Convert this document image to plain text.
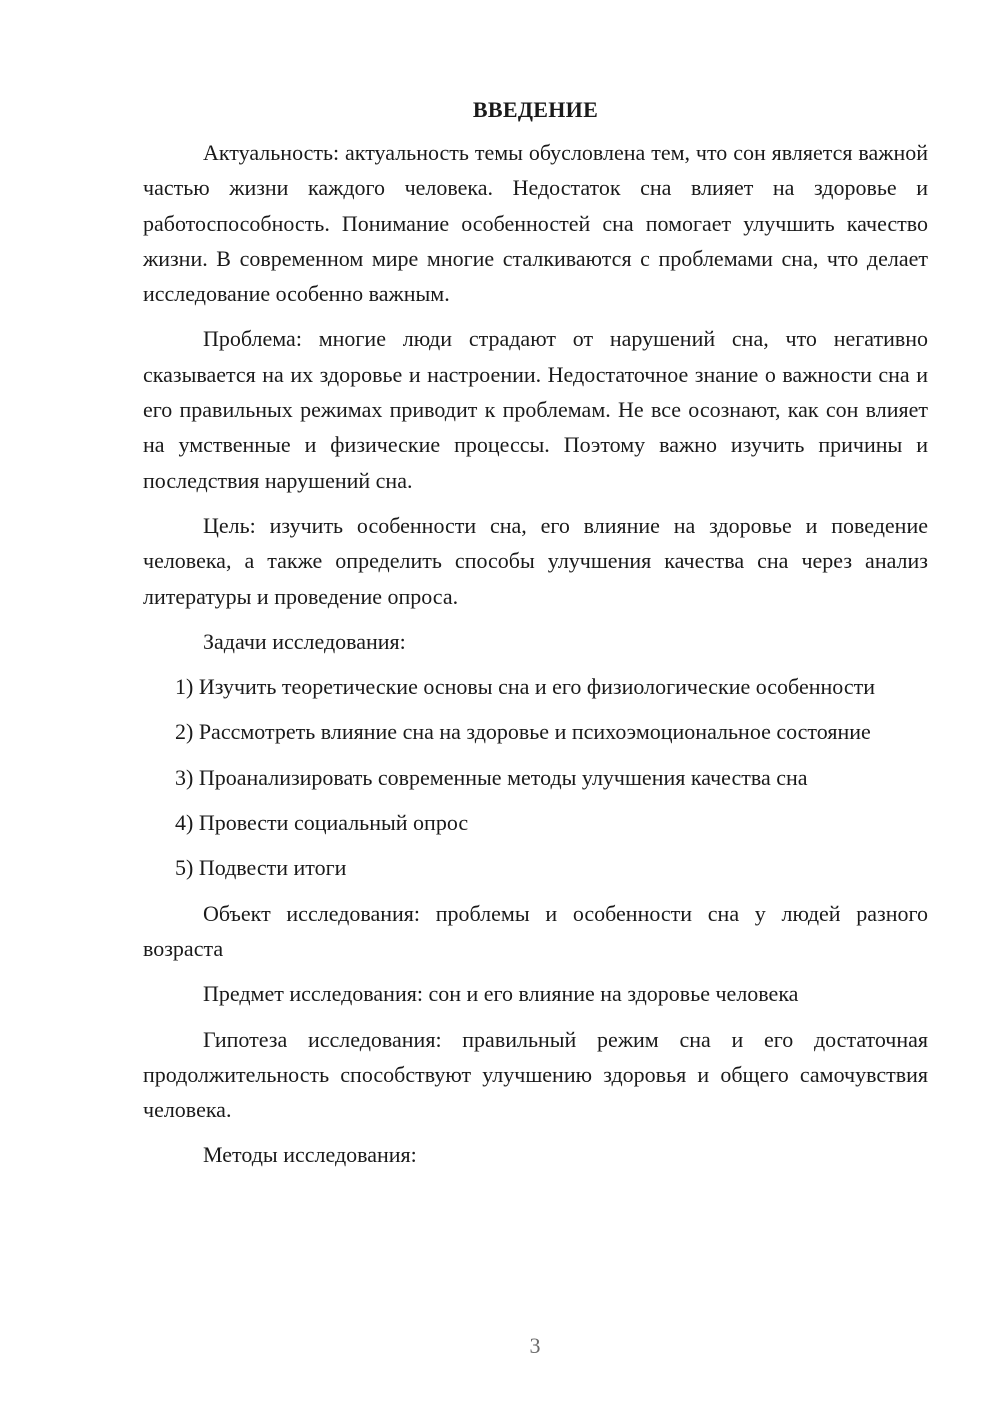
ВВЕДЕНИЕ

Актуальность: актуальность темы обусловлена тем, что сон является важной частью жизни каждого человека. Недостаток сна влияет на здоровье и работоспособность. Понимание особенностей сна помогает улучшить качество жизни. В современном мире многие сталкиваются с проблемами сна, что делает исследование особенно важным.

Проблема: многие люди страдают от нарушений сна, что негативно сказывается на их здоровье и настроении. Недостаточное знание о важности сна и его правильных режимах приводит к проблемам. Не все осознают, как сон влияет на умственные и физические процессы. Поэтому важно изучить причины и последствия нарушений сна.

Цель: изучить особенности сна, его влияние на здоровье и поведение человека, а также определить способы улучшения качества сна через анализ литературы и проведение опроса.

Задачи исследования:

1) Изучить теоретические основы сна и его физиологические особенности

2) Рассмотреть влияние сна на здоровье и психоэмоциональное состояние

3) Проанализировать современные методы улучшения качества сна

4) Провести социальный опрос

5) Подвести итоги

Объект исследования: проблемы и особенности сна у людей разного возраста

Предмет исследования: сон и его влияние на здоровье человека

Гипотеза исследования: правильный режим сна и его достаточная продолжительность способствуют улучшению здоровья и общего самочувствия человека.

Методы исследования:

3
